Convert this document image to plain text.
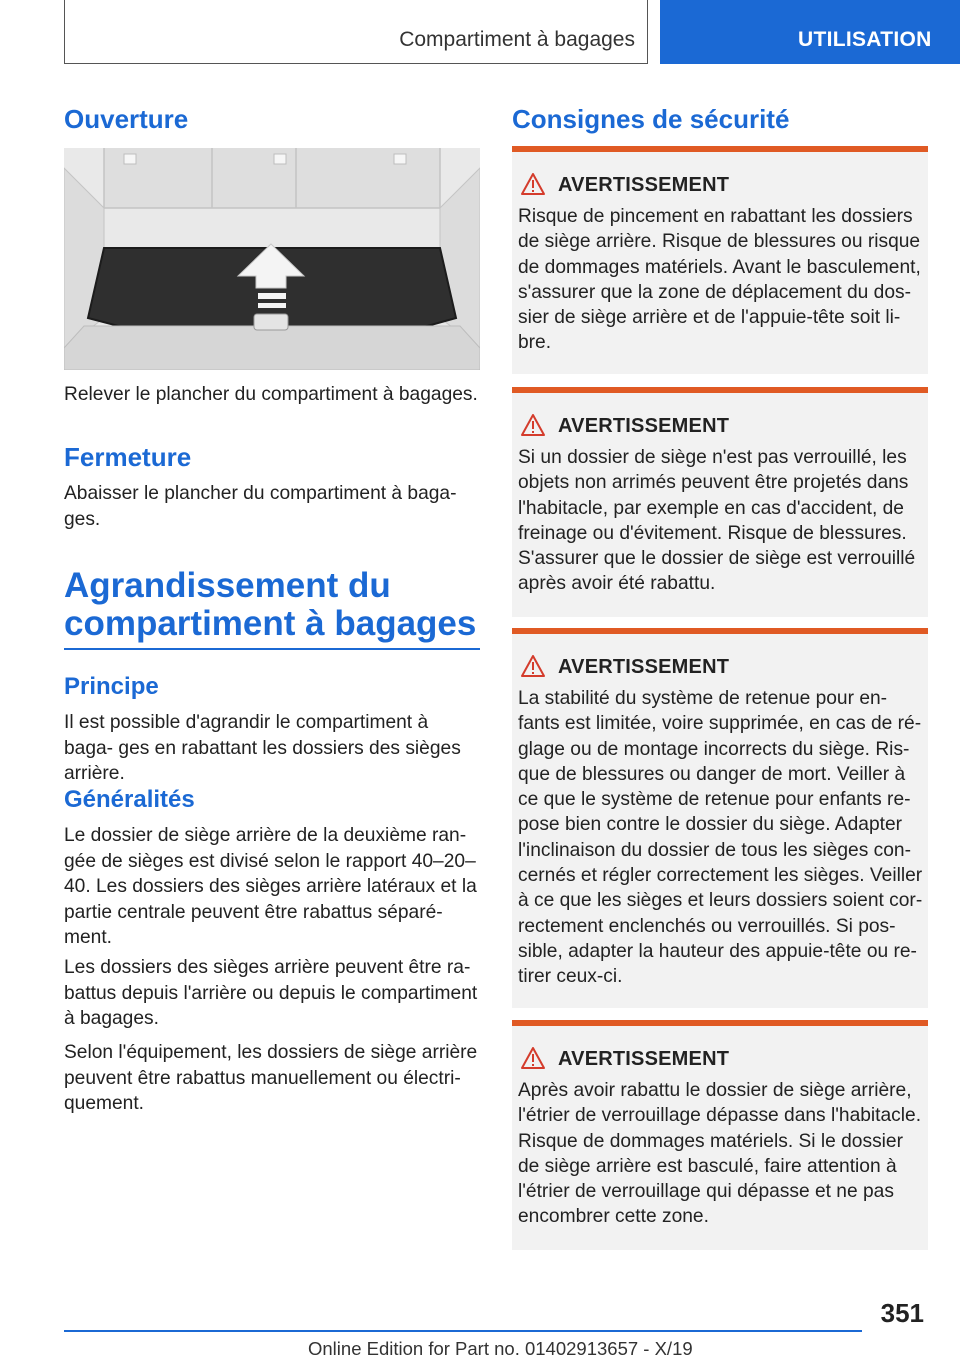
Compartiment à bagages	UTILISATION
Ouverture

Relever le plancher du compartiment à bagages.

Fermeture

Abaisser le plancher du compartiment à baga‐ ges.

Agrandissement du
compartiment à bagages
Principe

Il est possible d'agrandir le compartiment à baga‐ ges en rabattant les dossiers des sièges arrière.

Généralités

Le dossier de siège arrière de la deuxième ran‐ gée de sièges est divisé selon le rapport 40–20– 40. Les dossiers des sièges arrière latéraux et la partie centrale peuvent être rabattus séparé‐ ment.

Les dossiers des sièges arrière peuvent être ra‐ battus depuis l'arrière ou depuis le compartiment à bagages.

Selon l'équipement, les dossiers de siège arrière peuvent être rabattus manuellement ou électri‐ quement.

Consignes de sécurité
AVERTISSEMENT

Risque de pincement en rabattant les dossiers de siège arrière. Risque de blessures ou risque de dommages matériels. Avant le basculement, s'assurer que la zone de déplacement du dos‐ sier de siège arrière et de l'appuie-tête soit li‐ bre.

AVERTISSEMENT

Si un dossier de siège n'est pas verrouillé, les objets non arrimés peuvent être projetés dans l'habitacle, par exemple en cas d'accident, de freinage ou d'évitement. Risque de blessures. S'assurer que le dossier de siège est verrouillé après avoir été rabattu.

AVERTISSEMENT

La stabilité du système de retenue pour en‐ fants est limitée, voire supprimée, en cas de ré‐ glage ou de montage incorrects du siège. Ris‐ que de blessures ou danger de mort. Veiller à ce que le système de retenue pour enfants re‐ pose bien contre le dossier du siège. Adapter l'inclinaison du dossier de tous les sièges con‐ cernés et régler correctement les sièges. Veiller à ce que les sièges et leurs dossiers soient cor‐ rectement enclenchés ou verrouillés. Si pos‐ sible, adapter la hauteur des appuie-tête ou re‐ tirer ceux-ci.

AVERTISSEMENT

Après avoir rabattu le dossier de siège arrière, l'étrier de verrouillage dépasse dans l'habitacle. Risque de dommages matériels. Si le dossier de siège arrière est basculé, faire attention à l'étrier de verrouillage qui dépasse et ne pas encombrer cette zone.

351
Online Edition for Part no. 01402913657 - X/19
